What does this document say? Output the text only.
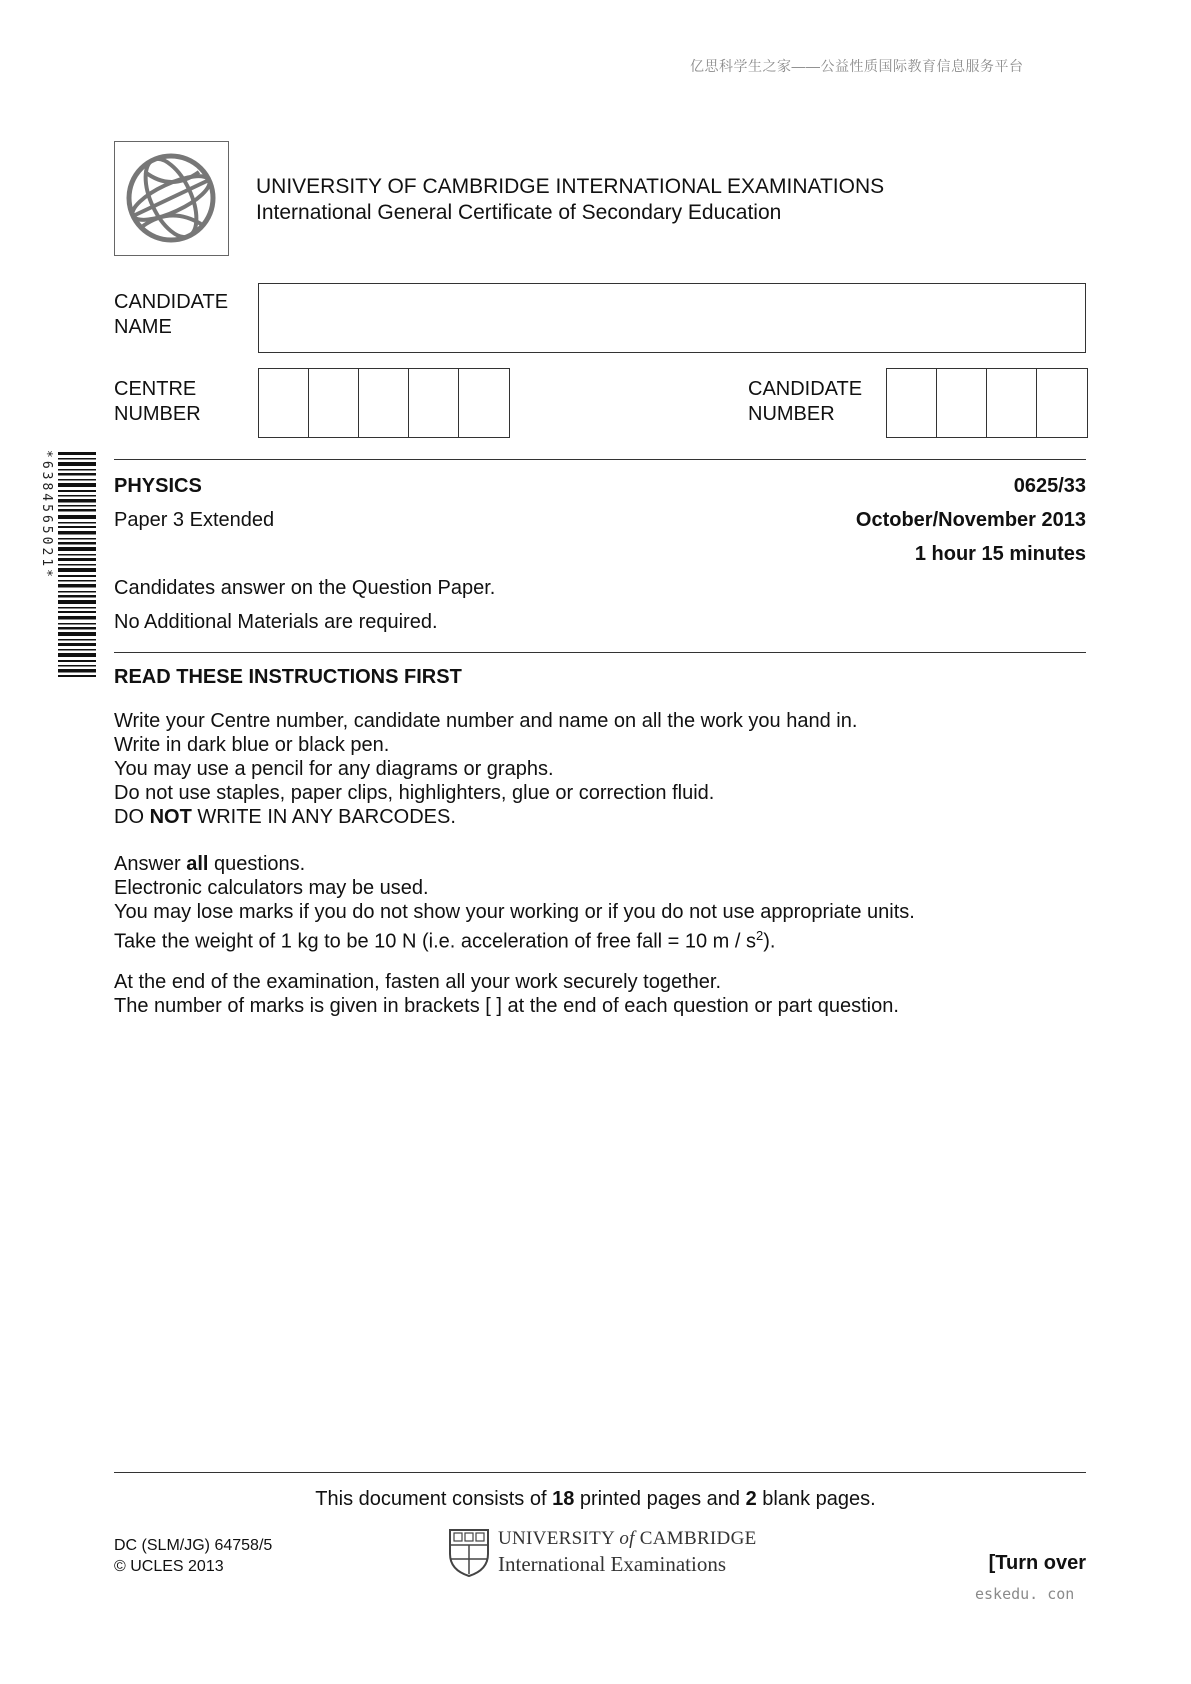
亿思科学生之家——公益性质国际教育信息服务平台
UNIVERSITY OF CAMBRIDGE INTERNATIONAL EXAMINATIONS
International General Certificate of Secondary Education
CANDIDATE
NAME
CENTRE
NUMBER
CANDIDATE
NUMBER
*6384565021*	PHYSICS	0625/33
Paper 3 Extended	October/November 2013
1 hour 15 minutes
Candidates answer on the Question Paper.
No Additional Materials are required.
READ THESE INSTRUCTIONS FIRST

Write your Centre number, candidate number and name on all the work you hand in.

Write in dark blue or black pen.

You may use a pencil for any diagrams or graphs.

Do not use staples, paper clips, highlighters, glue or correction fluid.

DO NOT WRITE IN ANY BARCODES.

Answer all questions.

Electronic calculators may be used.

You may lose marks if you do not show your working or if you do not use appropriate units.

Take the weight of 1 kg to be 10 N (i.e. acceleration of free fall = 10 m / $s^2$).

At the end of the examination, fasten all your work securely together.

The number of marks is given in brackets [ ] at the end of each question or part question.

This document consists of 18 printed pages and 2 blank pages.
DC (SLM/JG) 64758/5
© UCLES 2013
UNIVERSITY of CAMBRIDGE
International Examinations	[Turn over
eskedu. con
